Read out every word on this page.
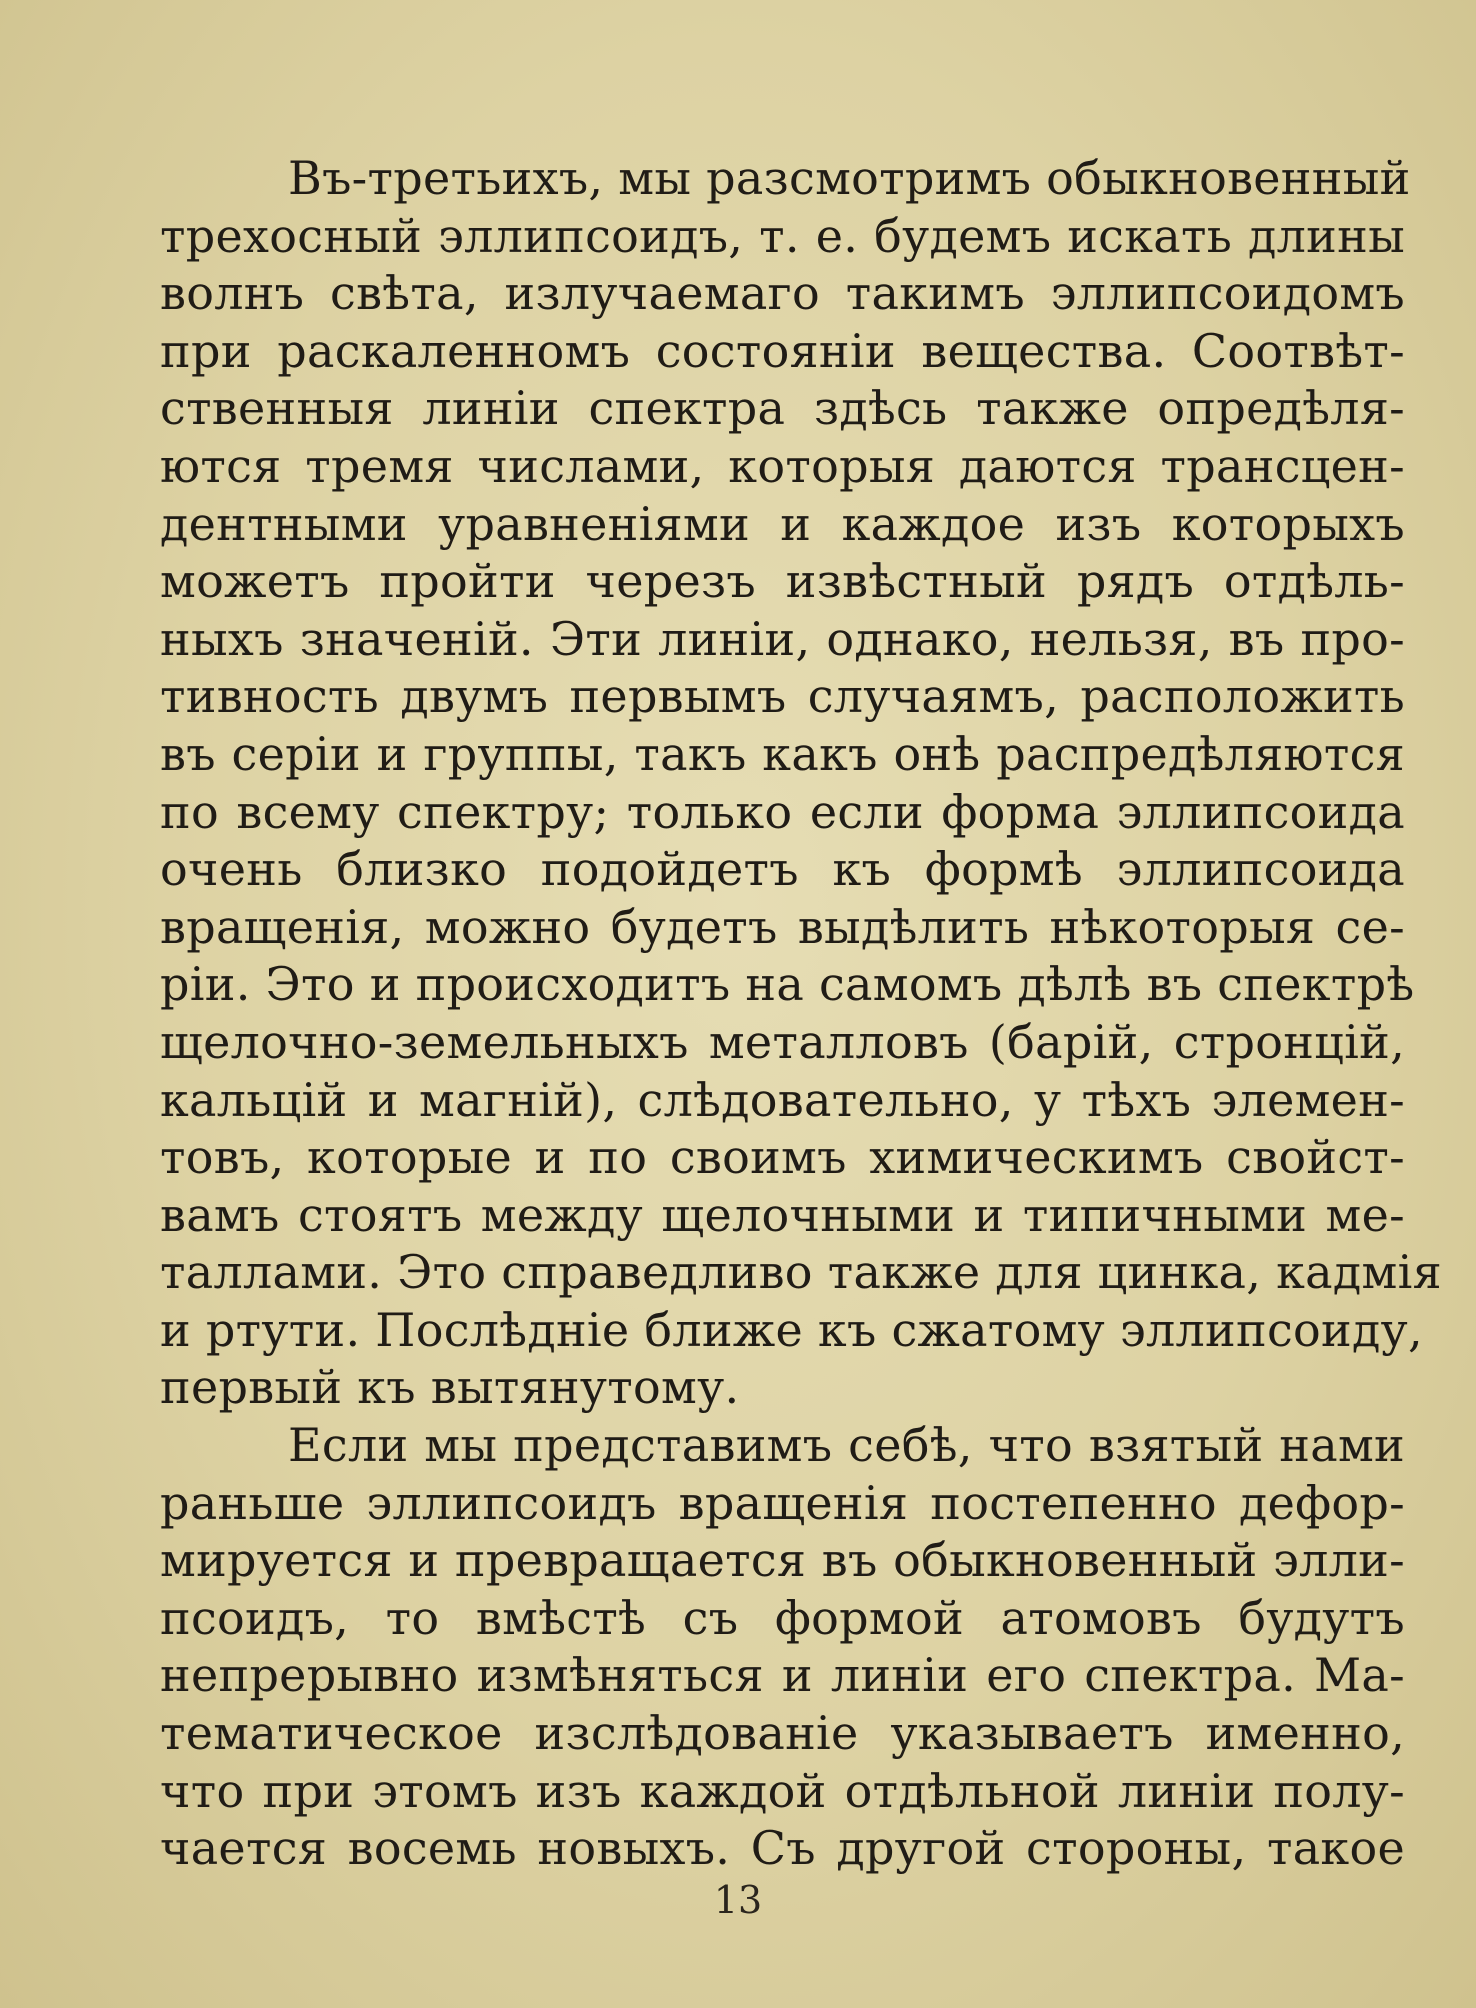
Въ-третьихъ, мы разсмотримъ обыкновенный
трехосный эллипсоидъ, т. е. будемъ искать длины
волнъ свѣта, излучаемаго такимъ эллипсоидомъ
при раскаленномъ состояніи вещества. Соотвѣт-
ственныя линіи спектра здѣсь также опредѣля-
ются тремя числами, которыя даются трансцен-
дентными уравненіями и каждое изъ которыхъ
можетъ пройти черезъ извѣстный рядъ отдѣль-
ныхъ значеній. Эти линіи, однако, нельзя, въ про-
тивность двумъ первымъ случаямъ, расположить
въ серіи и группы, такъ какъ онѣ распредѣляются
по всему спектру; только если форма эллипсоида
очень близко подойдетъ къ формѣ эллипсоида
вращенія, можно будетъ выдѣлить нѣкоторыя се-
ріи. Это и происходитъ на самомъ дѣлѣ въ спектрѣ
щелочно-земельныхъ металловъ (барій, стронцій,
кальцій и магній), слѣдовательно, у тѣхъ элемен-
товъ, которые и по своимъ химическимъ свойст-
вамъ стоятъ между щелочными и типичными ме-
таллами. Это справедливо также для цинка, кадмія
и ртути. Послѣдніе ближе къ сжатому эллипсоиду,
первый къ вытянутому.
Если мы представимъ себѣ, что взятый нами
раньше эллипсоидъ вращенія постепенно дефор-
мируется и превращается въ обыкновенный элли-
псоидъ, то вмѣстѣ съ формой атомовъ будутъ
непрерывно измѣняться и линіи его спектра. Ма-
тематическое изслѣдованіе указываетъ именно,
что при этомъ изъ каждой отдѣльной линіи полу-
чается восемь новыхъ. Съ другой стороны, такое
13
